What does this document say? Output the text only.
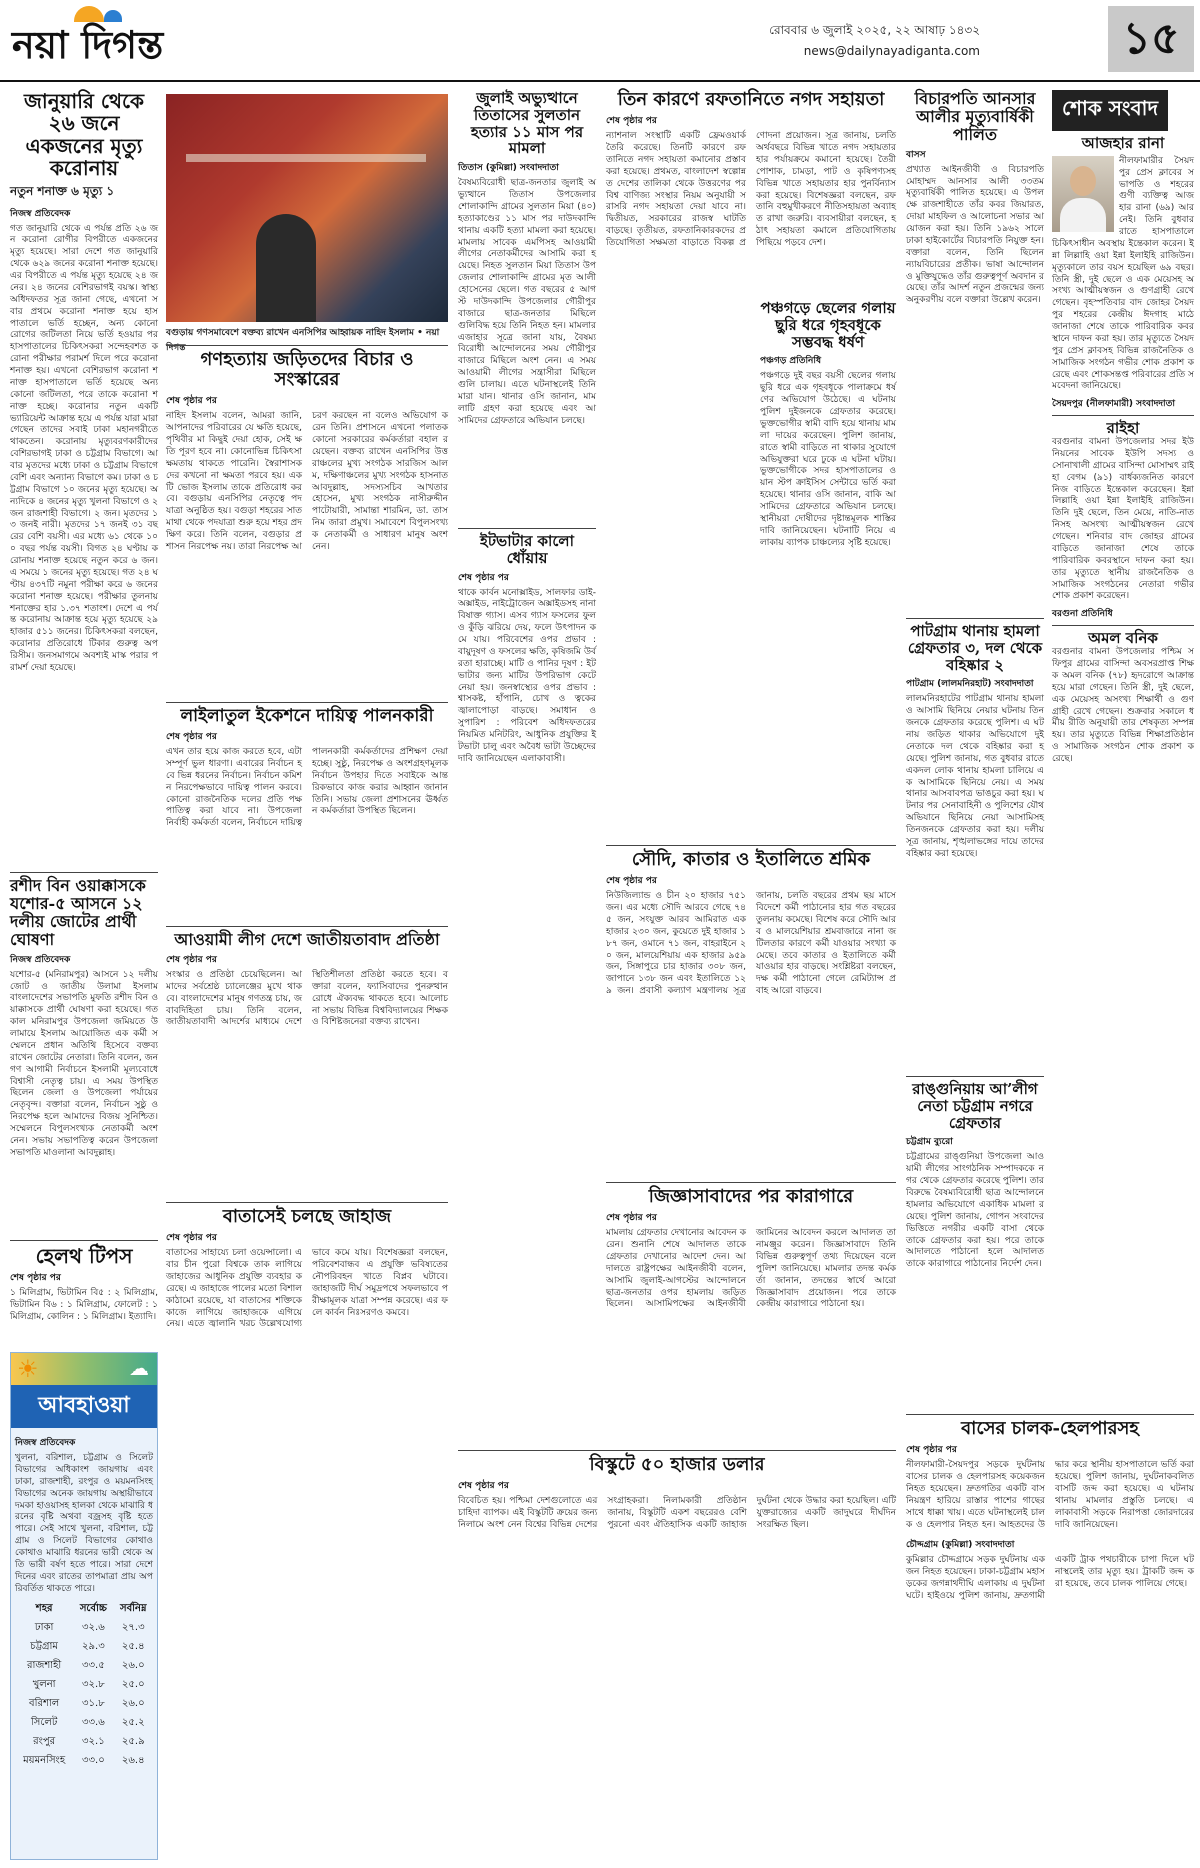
নয়া দিগন্ত	রোববার ৬ জুলাই ২০২৫, ২২ আষাঢ় ১৪৩২
news@dailynayadiganta.com	১৫
জানুয়ারি থেকে ২৬ জনে একজনের মৃত্যু করোনায়
নতুন শনাক্ত ৬ মৃত্যু ১
নিজস্ব প্রতিবেদক
গত জানুয়ারি থেকে এ পর্যন্ত প্রতি ২৬ জন করোনা রোগীর বিপরীতে একজনের মৃত্যু হয়েছে। সারা দেশে গত জানুয়ারি থেকে ৬২৯ জনের করোনা শনাক্ত হয়েছে। এর বিপরীতে এ পর্যন্ত মৃত্যু হয়েছে ২৪ জনের। ২৪ জনের বেশিরভাগই বয়স্ক। স্বাস্থ্য অধিদফতর সূত্র জানা গেছে, এখনো সবার প্রথমে করোনা শনাক্ত হয়ে হাসপাতালে ভর্তি হচ্ছেন, অন্য কোনো রোগের জটিলতা নিয়ে ভর্তি হওয়ার পর হাসপাতালের চিকিৎসকরা সন্দেহবশত করোনা পরীক্ষার পরামর্শ দিলে পরে করোনা শনাক্ত হয়। এখনো বেশিরভাগ করোনা শনাক্ত হাসপাতালে ভর্তি হয়েছে অন্য কোনো জটিলতা, পরে তাকে করোনা শনাক্ত হচ্ছে। করোনার নতুন একটি ভ্যারিয়েন্ট আক্রান্ত হয়ে এ পর্যন্ত যারা মারা গেছেন তাদের সবাই ঢাকা মহানগরীতে থাকতেন। করোনায় মৃত্যুবরণকারীদের বেশিরভাগই ঢাকা ও চট্টগ্রাম বিভাগে। আবার মৃতদের মধ্যে ঢাকা ও চট্টগ্রাম বিভাগে বেশি এবং অন্যান্য বিভাগে কম। ঢাকা ও চট্টগ্রাম বিভাগে ১০ জনের মৃত্যু হয়েছে। অন্যদিকে ৪ জনের মৃত্যু খুলনা বিভাগে ও ২ জন রাজশাহী বিভাগে। ২ জন। মৃতদের ১৩ জনই নারী। মৃতদের ১৭ জনই ৩১ বছরের বেশি বয়সী। এর মধ্যে ৬১ থেকে ১০০ বছর পর্যন্ত বয়সী। বিগত ২৪ ঘণ্টায় করোনায় শনাক্ত হয়েছে নতুন করে ৬ জন। এ সময়ে ১ জনের মৃত্যু হয়েছে। গত ২৪ ঘণ্টায় ৪৩৭টি নমুনা পরীক্ষা করে ৬ জনের করোনা শনাক্ত হয়েছে। পরীক্ষার তুলনায় শনাক্তের হার ১.৩৭ শতাংশ। দেশে এ পর্যন্ত করোনায় আক্রান্ত হয়ে মৃত্যু হয়েছে ২৯ হাজার ৫১১ জনের। চিকিৎসকরা বলছেন, করোনার প্রতিরোধে টিকার গুরুত্ব অপরিসীম। জনসমাগমে অবশ্যই মাস্ক পরার পরামর্শ দেয়া হয়েছে।
রশীদ বিন ওয়াক্কাসকে যশোর-৫ আসনে ১২ দলীয় জোটের প্রার্থী ঘোষণা
নিজস্ব প্রতিবেদক
যশোর-৫ (মনিরামপুর) আসনে ১২ দলীয় জোট ও জাতীয় উলামা ইসলাম বাংলাদেশের সভাপতি মুফতি রশীদ বিন ওয়াক্কাসকে প্রার্থী ঘোষণা করা হয়েছে। গতকাল মনিরামপুর উপজেলা জমিয়তে উলামায়ে ইসলাম আয়োজিত এক কর্মী সম্মেলনে প্রধান অতিথি হিসেবে বক্তব্য রাখেন জোটের নেতারা। তিনি বলেন, জনগণ আগামী নির্বাচনে ইসলামী মূল্যবোধে বিশ্বাসী নেতৃত্ব চায়। এ সময় উপস্থিত ছিলেন জেলা ও উপজেলা পর্যায়ের নেতৃবৃন্দ। বক্তারা বলেন, নির্বাচন সুষ্ঠু ও নিরপেক্ষ হলে আমাদের বিজয় সুনিশ্চিত। সম্মেলনে বিপুলসংখ্যক নেতাকর্মী অংশ নেন। সভায় সভাপতিত্ব করেন উপজেলা সভাপতি মাওলানা আবদুল্লাহ।
হেলথ টিপস
শেষ পৃষ্ঠার পর
১ মিলিগ্রাম, ভিটামিন বি৫ : ২ মিলিগ্রাম, ভিটামিন বি৬ : ১ মিলিগ্রাম, ফোলেট : ১ মিলিগ্রাম, কোলিন : ১ মিলিগ্রাম। ইত্যাদি।
☀	☁
আবহাওয়া
নিজস্ব প্রতিবেদক
খুলনা, বরিশাল, চট্টগ্রাম ও সিলেট বিভাগের অধিকাংশ জায়গায় এবং ঢাকা, রাজশাহী, রংপুর ও ময়মনসিংহ বিভাগের অনেক জায়গায় অস্থায়ীভাবে দমকা হাওয়াসহ হালকা থেকে মাঝারি ধরনের বৃষ্টি অথবা বজ্রসহ বৃষ্টি হতে পারে। সেই সাথে খুলনা, বরিশাল, চট্টগ্রাম ও সিলেট বিভাগের কোথাও কোথাও মাঝারি ধরনের ভারী থেকে অতি ভারী বর্ষণ হতে পারে। সারা দেশে দিনের এবং রাতের তাপমাত্রা প্রায় অপরিবর্তিত থাকতে পারে।
শহর	সর্বোচ্চ	সর্বনিম্ন
ঢাকা	৩২.৬	২৭.৩
চট্টগ্রাম	২৯.৩	২৫.৪
রাজশাহী	৩৩.৫	২৬.০
খুলনা	৩২.৮	২৫.০
বরিশাল	৩১.৮	২৬.০
সিলেট	৩৩.৬	২৫.২
রংপুর	৩২.১	২৫.৯
ময়মনসিংহ	৩৩.০	২৬.৪
বগুড়ায় গণসমাবেশে বক্তব্য রাখেন এনসিপির আহ্বায়ক নাহিদ ইসলাম • নয়া দিগন্ত
গণহত্যায় জড়িতদের বিচার ও সংস্কারের
শেষ পৃষ্ঠার পর
নাহিদ ইসলাম বলেন, আমরা জানি, আপনাদের পরিবারের যে ক্ষতি হয়েছে, পৃথিবীর মা কিছুই দেয়া হোক, সেই ক্ষতি পূরণ হবে না। কোনোভিন্ন চিকিৎসা ক্ষমতায় থাকতে পারেনি। স্বৈরাশাসকদের কখনো না ক্ষমতা পরবে হয়। একটি ভোজ ইসলাম তাকে প্রতিরোধ করবে। বগুড়ায় এনসিপির নেতৃত্বে পদযাত্রা অনুষ্ঠিত হয়। বগুড়া শহরের সাতমাথা থেকে পদযাত্রা শুরু হয়ে শহর প্রদক্ষিণ করে। তিনি বলেন, বগুড়ার প্রশাসন নিরপেক্ষ নয়। তারা নিরপেক্ষ আচরণ করছেন না বলেও অভিযোগ করেন তিনি। প্রশাসনে এখনো পলাতক কোনো সরকারের কর্মকর্তারা বহাল রয়েছেন। বক্তব্য রাখেন এনসিপির উত্তরাঞ্চলের মুখ্য সংগঠক সারজিস আলম, দক্ষিণাঞ্চলের মুখ্য সংগঠক হাসনাত আবদুল্লাহ, সদস্যসচিব আখতার হোসেন, মুখ্য সংগঠক নাসীরুদ্দীন পাটোয়ারী, সামান্তা শারমিন, ডা. তাসনিম জারা প্রমুখ। সমাবেশে বিপুলসংখ্যক নেতাকর্মী ও সাধারণ মানুষ অংশ নেন।
লাইলাতুল ইকেশনে দায়িত্ব পালনকারী
শেষ পৃষ্ঠার পর
এখন তার হয়ে কাজ করতে হবে, এটা সম্পূর্ণ ভুল ধারণা। এবারের নির্বাচন হবে ভিন্ন ধরনের নির্বাচন। নির্বাচন কমিশন নিরপেক্ষভাবে দায়িত্ব পালন করবে। কোনো রাজনৈতিক দলের প্রতি পক্ষপাতিত্ব করা যাবে না। উপজেলা নির্বাহী কর্মকর্তা বলেন, নির্বাচনে দায়িত্ব পালনকারী কর্মকর্তাদের প্রশিক্ষণ দেয়া হচ্ছে। সুষ্ঠু, নিরপেক্ষ ও অংশগ্রহণমূলক নির্বাচন উপহার দিতে সবাইকে আন্তরিকভাবে কাজ করার আহ্বান জানান তিনি। সভায় জেলা প্রশাসনের ঊর্ধ্বতন কর্মকর্তারা উপস্থিত ছিলেন।
আওয়ামী লীগ দেশে জাতীয়তাবাদ প্রতিষ্ঠা
শেষ পৃষ্ঠার পর
সংস্কার ও প্রতিষ্ঠা চেয়েছিলেন। আমাদের সর্বশ্রেষ্ঠ চ্যালেঞ্জের মুখে থাকবে। বাংলাদেশের মানুষ গণতন্ত্র চায়, জবাবদিহিতা চায়। তিনি বলেন, জাতীয়তাবাদী আদর্শের মাধ্যমে দেশে স্থিতিশীলতা প্রতিষ্ঠা করতে হবে। বক্তারা বলেন, ফ্যাসিবাদের পুনরুত্থান রোধে ঐক্যবদ্ধ থাকতে হবে। আলোচনা সভায় বিভিন্ন বিশ্ববিদ্যালয়ের শিক্ষক ও বিশিষ্টজনেরা বক্তব্য রাখেন।
বাতাসেই চলছে জাহাজ
শেষ পৃষ্ঠার পর
বাতাসের সাহায্যে চলা ওয়েন্সালো। এবার চীন পুরো বিশ্বকে তাক লাগিয়ে জাহাজের আধুনিক প্রযুক্তি ব্যবহার করেছে। এ জাহাজে পালের মতো বিশাল কাঠামো রয়েছে, যা বাতাসের শক্তিকে কাজে লাগিয়ে জাহাজকে এগিয়ে নেয়। এতে জ্বালানি খরচ উল্লেখযোগ্যভাবে কমে যায়। বিশেষজ্ঞরা বলছেন, পরিবেশবান্ধব এ প্রযুক্তি ভবিষ্যতের নৌপরিবহন খাতে বিপ্লব ঘটাবে। জাহাজটি দীর্ঘ সমুদ্রপথে সফলভাবে পরীক্ষামূলক যাত্রা সম্পন্ন করেছে। এর ফলে কার্বন নিঃসরণও কমবে।
জুলাই অভ্যুত্থানে তিতাসের সুলতান হত্যার ১১ মাস পর মামলা
তিতাস (কুমিল্লা) সংবাদদাতা
বৈষম্যবিরোধী ছাত্র-জনতার জুলাই অভ্যুত্থানে তিতাস উপজেলার শোলাকান্দি গ্রামের সুলতান মিয়া (৪০) হত্যাকাণ্ডের ১১ মাস পর দাউদকান্দি থানায় একটি হত্যা মামলা করা হয়েছে। মামলায় সাবেক এমপিসহ আওয়ামী লীগের নেতাকর্মীদের আসামি করা হয়েছে। নিহত সুলতান মিয়া তিতাস উপজেলার শোলাকান্দি গ্রামের মৃত আলী হোসেনের ছেলে। গত বছরের ৫ আগস্ট দাউদকান্দি উপজেলার গৌরীপুর বাজারে ছাত্র-জনতার মিছিলে গুলিবিদ্ধ হয়ে তিনি নিহত হন। মামলার এজাহার সূত্রে জানা যায়, বৈষম্যবিরোধী আন্দোলনের সময় গৌরীপুর বাজারে মিছিলে অংশ নেন। এ সময় আওয়ামী লীগের সন্ত্রাসীরা মিছিলে গুলি চালায়। এতে ঘটনাস্থলেই তিনি মারা যান। থানার ওসি জানান, মামলাটি গ্রহণ করা হয়েছে এবং আসামিদের গ্রেফতারে অভিযান চলছে।
ইটভাটার কালো ধোঁয়ায়
শেষ পৃষ্ঠার পর
থাকে কার্বন মনোক্সাইড, সালফার ডাই-অক্সাইড, নাইট্রোজেন অক্সাইডসহ নানা বিষাক্ত গ্যাস। এসব গ্যাস ফসলের ফুল ও কুঁড়ি ঝরিয়ে দেয়, ফলে উৎপাদন কমে যায়। পরিবেশের ওপর প্রভাব : বায়ুদূষণ ও ফসলের ক্ষতি, কৃষিজমি উর্বরতা হারাচ্ছে। মাটি ও পানির দূষণ : ইটভাটার জন্য মাটির উপরিভাগ কেটে নেয়া হয়। জনস্বাস্থ্যের ওপর প্রভাব : শ্বাসকষ্ট, হাঁপানি, চোখ ও ত্বকের জ্বালাপোড়া বাড়ছে। সমাধান ও সুপারিশ : পরিবেশ অধিদফতরের নিয়মিত মনিটরিং, আধুনিক প্রযুক্তির ইটভাটা চালু এবং অবৈধ ভাটা উচ্ছেদের দাবি জানিয়েছেন এলাকাবাসী।
তিন কারণে রফতানিতে নগদ সহায়তা
শেষ পৃষ্ঠার পর
ন্যাশনাল সংস্থাটি একটি ফ্রেমওয়ার্ক তৈরি করেছে। তিনটি কারণে রফতানিতে নগদ সহায়তা কমানোর প্রস্তাব করা হয়েছে। প্রথমত, বাংলাদেশ স্বল্পোন্নত দেশের তালিকা থেকে উত্তরণের পর বিশ্ব বাণিজ্য সংস্থার নিয়ম অনুযায়ী সরাসরি নগদ সহায়তা দেয়া যাবে না। দ্বিতীয়ত, সরকারের রাজস্ব ঘাটতি বাড়ছে। তৃতীয়ত, রফতানিকারকদের প্রতিযোগিতা সক্ষমতা বাড়াতে বিকল্প প্রণোদনা প্রয়োজন। সূত্র জানায়, চলতি অর্থবছরে বিভিন্ন খাতে নগদ সহায়তার হার পর্যায়ক্রমে কমানো হয়েছে। তৈরী পোশাক, চামড়া, পাট ও কৃষিপণ্যসহ বিভিন্ন খাতে সহায়তার হার পুনর্বিন্যাস করা হয়েছে। বিশেষজ্ঞরা বলছেন, রফতানি বহুমুখীকরণে নীতিসহায়তা অব্যাহত রাখা জরুরি। ব্যবসায়ীরা বলছেন, হঠাৎ সহায়তা কমালে প্রতিযোগিতায় পিছিয়ে পড়বে দেশ।
সৌদি, কাতার ও ইতালিতে শ্রমিক
শেষ পৃষ্ঠার পর
নিউজিল্যান্ড ও চীন ২০ হাজার ৭৫১ জন। এর মধ্যে সৌদি আরবে গেছে ৭৪৫ জন, সংযুক্ত আরব আমিরাত এক হাজার ২৩০ জন, কুয়েতে দুই হাজার ১৮৭ জন, ওমানে ৭১ জন, বাহরাইনে ২০ জন, মালয়েশিয়ায় এক হাজার ৯৫৯ জন, সিঙ্গাপুরে চার হাজার ৩০৮ জন, জাপানে ১৩৮ জন এবং ইতালিতে ১২৯ জন। প্রবাসী কল্যাণ মন্ত্রণালয় সূত্র জানায়, চলতি বছরের প্রথম ছয় মাসে বিদেশে কর্মী পাঠানোর হার গত বছরের তুলনায় কমেছে। বিশেষ করে সৌদি আরব ও মালয়েশিয়ার শ্রমবাজারে নানা জটিলতার কারণে কর্মী যাওয়ার সংখ্যা কমেছে। তবে কাতার ও ইতালিতে কর্মী যাওয়ার হার বাড়ছে। সংশ্লিষ্টরা বলছেন, দক্ষ কর্মী পাঠানো গেলে রেমিট্যান্স প্রবাহ আরো বাড়বে।
জিজ্ঞাসাবাদের পর কারাগারে
শেষ পৃষ্ঠার পর
মামলায় গ্রেফতার দেখানোর আবেদন করেন। শুনানি শেষে আদালত তাকে গ্রেফতার দেখানোর আদেশ দেন। আদালতে রাষ্ট্রপক্ষের আইনজীবী বলেন, আসামি জুলাই-আগস্টের আন্দোলনে ছাত্র-জনতার ওপর হামলায় জড়িত ছিলেন। আসামিপক্ষের আইনজীবী জামিনের আবেদন করলে আদালত তা নামঞ্জুর করেন। জিজ্ঞাসাবাদে তিনি বিভিন্ন গুরুত্বপূর্ণ তথ্য দিয়েছেন বলে পুলিশ জানিয়েছে। মামলার তদন্ত কর্মকর্তা জানান, তদন্তের স্বার্থে আরো জিজ্ঞাসাবাদ প্রয়োজন। পরে তাকে কেন্দ্রীয় কারাগারে পাঠানো হয়।
বিস্কুটে ৫০ হাজার ডলার
শেষ পৃষ্ঠার পর
বিবেচিত হয়। পশ্চিমা দেশগুলোতে এর চাহিদা ব্যাপক। এই বিস্কুটটি ক্রয়ের জন্য নিলামে অংশ নেন বিশ্বের বিভিন্ন দেশের সংগ্রাহকরা। নিলামকারী প্রতিষ্ঠান জানায়, বিস্কুটটি একশ বছরেরও বেশি পুরনো এবং ঐতিহাসিক একটি জাহাজ দুর্ঘটনা থেকে উদ্ধার করা হয়েছিল। এটি যুক্তরাজ্যের একটি জাদুঘরে দীর্ঘদিন সংরক্ষিত ছিল।
পঞ্চগড়ে ছেলের গলায় ছুরি ধরে গৃহবধূকে সম্ভবদ্ধ ধর্ষণ
পঞ্চগড় প্রতিনিধি
পঞ্চগড়ে দুই বছর বয়সী ছেলের গলায় ছুরি ধরে এক গৃহবধূকে পালাক্রমে ধর্ষণের অভিযোগ উঠেছে। এ ঘটনায় পুলিশ দুইজনকে গ্রেফতার করেছে। ভুক্তভোগীর স্বামী বাদি হয়ে থানায় মামলা দায়ের করেছেন। পুলিশ জানায়, রাতে স্বামী বাড়িতে না থাকার সুযোগে অভিযুক্তরা ঘরে ঢুকে এ ঘটনা ঘটায়। ভুক্তভোগীকে সদর হাসপাতালের ওয়ান স্টপ ক্রাইসিস সেন্টারে ভর্তি করা হয়েছে। থানার ওসি জানান, বাকি আসামিদের গ্রেফতারে অভিযান চলছে। স্থানীয়রা দোষীদের দৃষ্টান্তমূলক শাস্তির দাবি জানিয়েছেন। ঘটনাটি নিয়ে এলাকায় ব্যাপক চাঞ্চল্যের সৃষ্টি হয়েছে।
বিচারপতি আনসার আলীর মৃত্যুবার্ষিকী পালিত
বাসস
প্রখ্যাত আইনজীবী ও বিচারপতি মোহাম্মদ আনসার আলী ৩৩তম মৃত্যুবার্ষিকী পালিত হয়েছে। এ উপলক্ষে রাজশাহীতে তাঁর কবর জিয়ারত, দোয়া মাহফিল ও আলোচনা সভার আয়োজন করা হয়। তিনি ১৯৬২ সালে ঢাকা হাইকোর্টের বিচারপতি নিযুক্ত হন। বক্তারা বলেন, তিনি ছিলেন ন্যায়বিচারের প্রতীক। ভাষা আন্দোলন ও মুক্তিযুদ্ধেও তাঁর গুরুত্বপূর্ণ অবদান রয়েছে। তাঁর আদর্শ নতুন প্রজন্মের জন্য অনুকরণীয় বলে বক্তারা উল্লেখ করেন।
পাটগ্রাম থানায় হামলা গ্রেফতার ৩, দল থেকে বহিষ্কার ২
পাটগ্রাম (লালমনিরহাট) সংবাদদাতা
লালমনিরহাটের পাটগ্রাম থানায় হামলা ও আসামি ছিনিয়ে নেয়ার ঘটনায় তিনজনকে গ্রেফতার করেছে পুলিশ। এ ঘটনায় জড়িত থাকার অভিযোগে দুই নেতাকে দল থেকে বহিষ্কার করা হয়েছে। পুলিশ জানায়, গত বুধবার রাতে একদল লোক থানায় হামলা চালিয়ে এক আসামিকে ছিনিয়ে নেয়। এ সময় থানার আসবাবপত্র ভাঙচুর করা হয়। ঘটনার পর সেনাবাহিনী ও পুলিশের যৌথ অভিযানে ছিনিয়ে নেয়া আসামিসহ তিনজনকে গ্রেফতার করা হয়। দলীয় সূত্র জানায়, শৃঙ্খলাভঙ্গের দায়ে তাদের বহিষ্কার করা হয়েছে।
রাঙ্গুনিয়ায় আ’লীগ নেতা চট্টগ্রাম নগরে গ্রেফতার
চট্টগ্রাম ব্যুরো
চট্টগ্রামের রাঙ্গুনিয়া উপজেলা আওয়ামী লীগের সাংগঠনিক সম্পাদককে নগর থেকে গ্রেফতার করেছে পুলিশ। তার বিরুদ্ধে বৈষম্যবিরোধী ছাত্র আন্দোলনে হামলার অভিযোগে একাধিক মামলা রয়েছে। পুলিশ জানায়, গোপন সংবাদের ভিত্তিতে নগরীর একটি বাসা থেকে তাকে গ্রেফতার করা হয়। পরে তাকে আদালতে পাঠানো হলে আদালত তাকে কারাগারে পাঠানোর নির্দেশ দেন।
বাসের চালক-হেলপারসহ
শেষ পৃষ্ঠার পর
নীলফামারী-সৈয়দপুর সড়কে দুর্ঘটনায় বাসের চালক ও হেলপারসহ কয়েকজন নিহত হয়েছেন। দ্রুতগতির একটি বাস নিয়ন্ত্রণ হারিয়ে রাস্তার পাশের গাছের সাথে ধাক্কা খায়। এতে ঘটনাস্থলেই চালক ও হেলপার নিহত হন। আহতদের উদ্ধার করে স্থানীয় হাসপাতালে ভর্তি করা হয়েছে। পুলিশ জানায়, দুর্ঘটনাকবলিত বাসটি জব্দ করা হয়েছে। এ ঘটনায় থানায় মামলার প্রস্তুতি চলছে। এলাকাবাসী সড়কে নিরাপত্তা জোরদারের দাবি জানিয়েছেন।
চৌদ্দগ্রাম (কুমিল্লা) সংবাদদাতা
কুমিল্লার চৌদ্দগ্রামে সড়ক দুর্ঘটনায় একজন নিহত হয়েছেন। ঢাকা-চট্টগ্রাম মহাসড়কের জগন্নাথদীঘি এলাকায় এ দুর্ঘটনা ঘটে। হাইওয়ে পুলিশ জানায়, দ্রুতগামী একটি ট্রাক পথচারীকে চাপা দিলে ঘটনাস্থলেই তার মৃত্যু হয়। ট্রাকটি জব্দ করা হয়েছে, তবে চালক পালিয়ে গেছে।
শোক সংবাদ
আজহার রানা
নীলফামারীর সৈয়দপুর প্রেস ক্লাবের সভাপতি ও শহরের গুণী ব্যক্তিত্ব আজহার রানা (৬৯) আর নেই। তিনি বুধবার রাতে হাসপাতালে চিকিৎসাধীন অবস্থায় ইন্তেকাল করেন। ইন্না লিল্লাহি ওয়া ইন্না ইলাইহি রাজিউন। মৃত্যুকালে তার বয়স হয়েছিল ৬৯ বছর। তিনি স্ত্রী, দুই ছেলে ও এক মেয়েসহ অসংখ্য আত্মীয়স্বজন ও গুণগ্রাহী রেখে গেছেন। বৃহস্পতিবার বাদ জোহর সৈয়দপুর শহরের কেন্দ্রীয় ঈদগাহ মাঠে জানাজা শেষে তাকে পারিবারিক কবরস্থানে দাফন করা হয়। তার মৃত্যুতে সৈয়দপুর প্রেস ক্লাবসহ বিভিন্ন রাজনৈতিক ও সামাজিক সংগঠন গভীর শোক প্রকাশ করেছে এবং শোকসন্তপ্ত পরিবারের প্রতি সমবেদনা জানিয়েছে।
সৈয়দপুর (নীলফামারী) সংবাদদাতা
রাইহা
বরগুনার বামনা উপজেলার সদর ইউনিয়নের সাবেক ইউপি সদস্য ও সোনাখালী গ্রামের বাসিন্দা মোসাম্মৎ রাইহা বেগম (৯১) বার্ধক্যজনিত কারণে নিজ বাড়িতে ইন্তেকাল করেছেন। ইন্না লিল্লাহি ওয়া ইন্না ইলাইহি রাজিউন। তিনি দুই ছেলে, তিন মেয়ে, নাতি-নাতনিসহ অসংখ্য আত্মীয়স্বজন রেখে গেছেন। শনিবার বাদ জোহর গ্রামের বাড়িতে জানাজা শেষে তাকে পারিবারিক কবরস্থানে দাফন করা হয়। তার মৃত্যুতে স্থানীয় রাজনৈতিক ও সামাজিক সংগঠনের নেতারা গভীর শোক প্রকাশ করেছেন।
বরগুনা প্রতিনিধি
অমল বনিক
বরগুনার বামনা উপজেলার পশ্চিম সফিপুর গ্রামের বাসিন্দা অবসরপ্রাপ্ত শিক্ষক অমল বনিক (৭৮) হৃদরোগে আক্রান্ত হয়ে মারা গেছেন। তিনি স্ত্রী, দুই ছেলে, এক মেয়েসহ অসংখ্য শিক্ষার্থী ও গুণগ্রাহী রেখে গেছেন। শুক্রবার সকালে ধর্মীয় রীতি অনুযায়ী তার শেষকৃত্য সম্পন্ন হয়। তার মৃত্যুতে বিভিন্ন শিক্ষাপ্রতিষ্ঠান ও সামাজিক সংগঠন শোক প্রকাশ করেছে।
